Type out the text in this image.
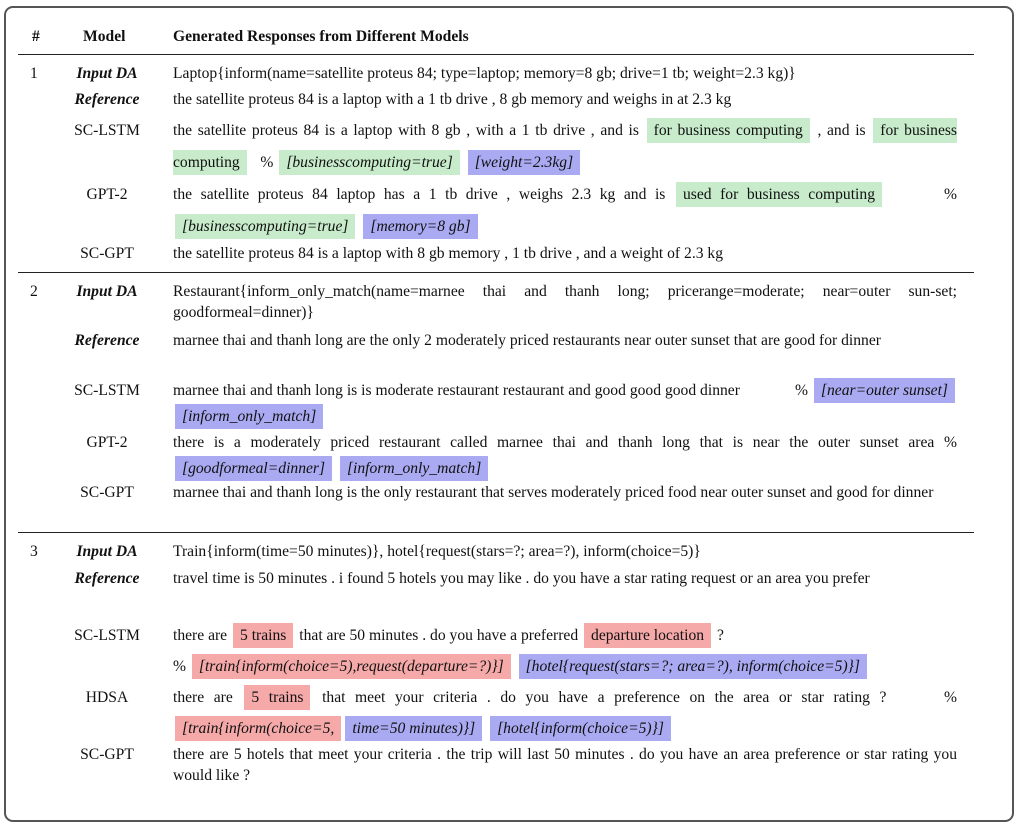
#	Model	Generated Responses from Different Models
1	Input DA	Laptop{inform(name=satellite proteus 84; type=laptop; memory=8 gb; drive=1 tb; weight=2.3 kg)}
Reference	the satellite proteus 84 is a laptop with a 1 tb drive , 8 gb memory and weighs in at 2.3 kg
SC-LSTM	the satellite proteus 84 is a laptop with 8 gb , with a 1 tb drive , and is for business computing , and is for business computing % [businesscomputing=true] [weight=2.3kg]
GPT-2	the satellite proteus 84 laptop has a 1 tb drive , weighs 2.3 kg and is used for business computing	% [businesscomputing=true] [memory=8 gb]
SC-GPT	the satellite proteus 84 is a laptop with 8 gb memory , 1 tb drive , and a weight of 2.3 kg
2	Input DA	Restaurant{inform_only_match(name=marnee thai and thanh long; pricerange=moderate; near=outer sun-set; goodformeal=dinner)}
Reference	marnee thai and thanh long are the only 2 moderately priced restaurants near outer sunset that are good for dinner
SC-LSTM	marnee thai and thanh long is is moderate restaurant restaurant and good good good dinner	% [near=outer sunset] [inform_only_match]
GPT-2	there is a moderately priced restaurant called marnee thai and thanh long that is near the outer sunset area % [goodformeal=dinner] [inform_only_match]
SC-GPT	marnee thai and thanh long is the only restaurant that serves moderately priced food near outer sunset and good for dinner
3	Input DA	Train{inform(time=50 minutes)}, hotel{request(stars=?; area=?), inform(choice=5)}
Reference	travel time is 50 minutes . i found 5 hotels you may like . do you have a star rating request or an area you prefer
SC-LSTM	there are 5 trains that are 50 minutes . do you have a preferred departure location ?
% [train{inform(choice=5),request(departure=?)}] [hotel{request(stars=?; area=?), inform(choice=5)}]
HDSA	there are 5 trains that meet your criteria . do you have a preference on the area or star rating ?	% [train{inform(choice=5, time=50 minutes)}] [hotel{inform(choice=5)}]
SC-GPT	there are 5 hotels that meet your criteria . the trip will last 50 minutes . do you have an area preference or star rating you would like ?
